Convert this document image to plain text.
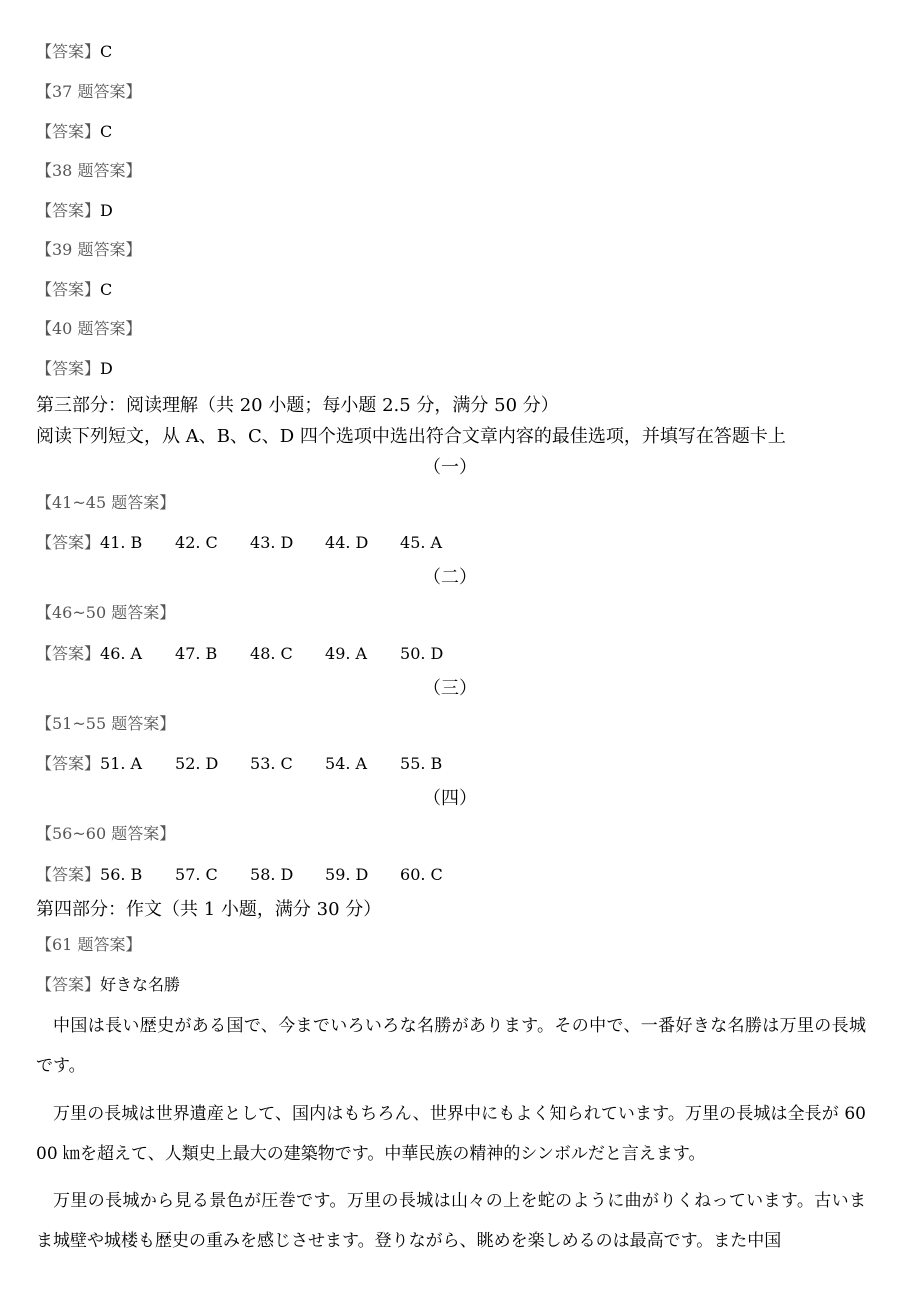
【答案】C
【37 题答案】
【答案】C
【38 题答案】
【答案】D
【39 题答案】
【答案】C
【40 题答案】
【答案】D
第三部分：阅读理解（共 20 小题；每小题 2.5 分，满分 50 分）
阅读下列短文，从 A、B、C、D 四个选项中选出符合文章内容的最佳选项，并填写在答题卡上
（一）
【41~45 题答案】
【答案】41. B 42. C 43. D 44. D 45. A
（二）
【46~50 题答案】
【答案】46. A 47. B 48. C 49. A 50. D
（三）
【51~55 题答案】
【答案】51. A 52. D 53. C 54. A 55. B
（四）
【56~60 题答案】
【答案】56. B 57. C 58. D 59. D 60. C
第四部分：作文（共 1 小题，满分 30 分）
【61 题答案】
【答案】好きな名勝
中国は長い歴史がある国で、今までいろいろな名勝があります。その中で、一番好きな名勝は万里の長城です。
万里の長城は世界遺産として、国内はもちろん、世界中にもよく知られています。万里の長城は全長が 6000 ㎞を超えて、人類史上最大の建築物です。中華民族の精神的シンボルだと言えます。
万里の長城から見る景色が圧巻です。万里の長城は山々の上を蛇のように曲がりくねっています。古いまま城壁や城楼も歴史の重みを感じさせます。登りながら、眺めを楽しめるのは最高です。また中国
